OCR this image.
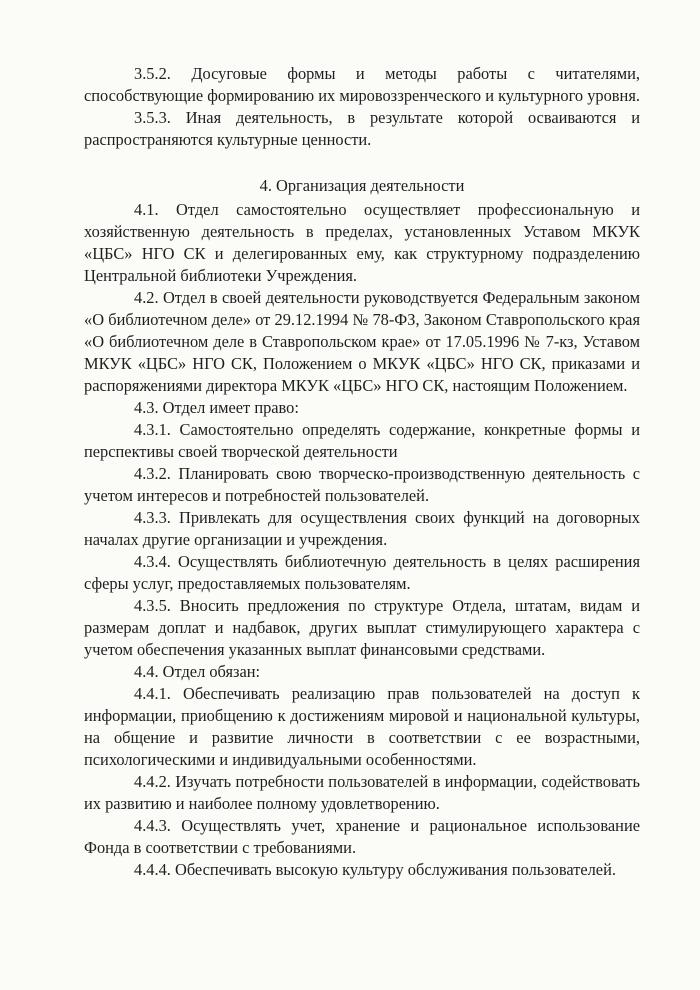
3.5.2. Досуговые формы и методы работы с читателями, способствующие формированию их мировоззренческого и культурного уровня.

3.5.3. Иная деятельность, в результате которой осваиваются и распространяются культурные ценности.

4. Организация деятельности

4.1. Отдел самостоятельно осуществляет профессиональную и хозяйственную деятельность в пределах, установленных Уставом МКУК «ЦБС» НГО СК и делегированных ему, как структурному подразделению Центральной библиотеки Учреждения.

4.2. Отдел в своей деятельности руководствуется Федеральным законом «О библиотечном деле» от 29.12.1994 № 78-ФЗ, Законом Ставропольского края «О библиотечном деле в Ставропольском крае» от 17.05.1996 № 7-кз, Уставом МКУК «ЦБС» НГО СК, Положением о МКУК «ЦБС» НГО СК, приказами и распоряжениями директора МКУК «ЦБС» НГО СК, настоящим Положением.

4.3. Отдел имеет право:

4.3.1. Самостоятельно определять содержание, конкретные формы и перспективы своей творческой деятельности

4.3.2. Планировать свою творческо-производственную деятельность с учетом интересов и потребностей пользователей.

4.3.3. Привлекать для осуществления своих функций на договорных началах другие организации и учреждения.

4.3.4. Осуществлять библиотечную деятельность в целях расширения сферы услуг, предоставляемых пользователям.

4.3.5. Вносить предложения по структуре Отдела, штатам, видам и размерам доплат и надбавок, других выплат стимулирующего характера с учетом обеспечения указанных выплат финансовыми средствами.

4.4. Отдел обязан:

4.4.1. Обеспечивать реализацию прав пользователей на доступ к информации, приобщению к достижениям мировой и национальной культуры, на общение и развитие личности в соответствии с ее возрастными, психологическими и индивидуальными особенностями.

4.4.2. Изучать потребности пользователей в информации, содействовать их развитию и наиболее полному удовлетворению.

4.4.3. Осуществлять учет, хранение и рациональное использование Фонда в соответствии с требованиями.

4.4.4. Обеспечивать высокую культуру обслуживания пользователей.
